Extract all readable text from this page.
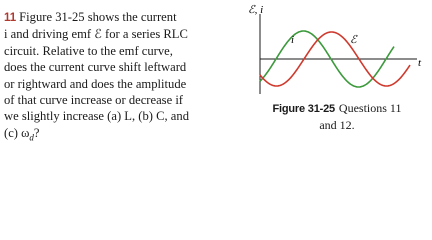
11 Figure 31-25 shows the current
i and driving emf ℰ for a series RLC
circuit. Relative to the emf curve,
does the current curve shift leftward
or rightward and does the amplitude
of that curve increase or decrease if
we slightly increase (a) L, (b) C, and
(c) $\omega_d$?
ℰ, i
t
i	ℰ
Figure 31-25 Questions 11
and 12.
